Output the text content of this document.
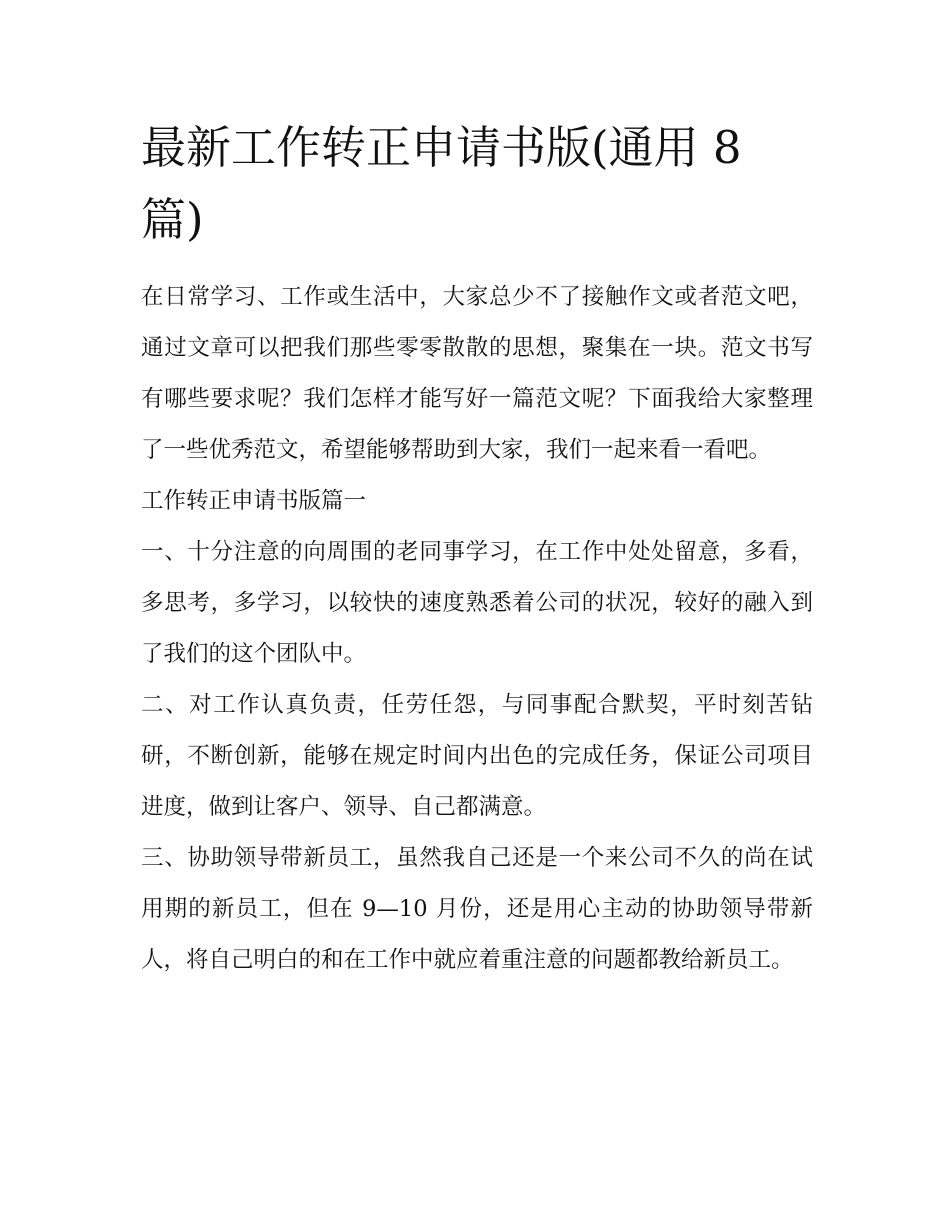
最新工作转正申请书版(通用 8 篇)

在日常学习、工作或生活中，大家总少不了接触作文或者范文吧，通过文章可以把我们那些零零散散的思想，聚集在一块。范文书写有哪些要求呢？我们怎样才能写好一篇范文呢？下面我给大家整理了一些优秀范文，希望能够帮助到大家，我们一起来看一看吧。

工作转正申请书版篇一

一、十分注意的向周围的老同事学习，在工作中处处留意，多看，多思考，多学习，以较快的速度熟悉着公司的状况，较好的融入到了我们的这个团队中。

二、对工作认真负责，任劳任怨，与同事配合默契，平时刻苦钻研，不断创新，能够在规定时间内出色的完成任务，保证公司项目进度，做到让客户、领导、自己都满意。

三、协助领导带新员工，虽然我自己还是一个来公司不久的尚在试用期的新员工，但在 9—10 月份，还是用心主动的协助领导带新人，将自己明白的和在工作中就应着重注意的问题都教给新员工。
